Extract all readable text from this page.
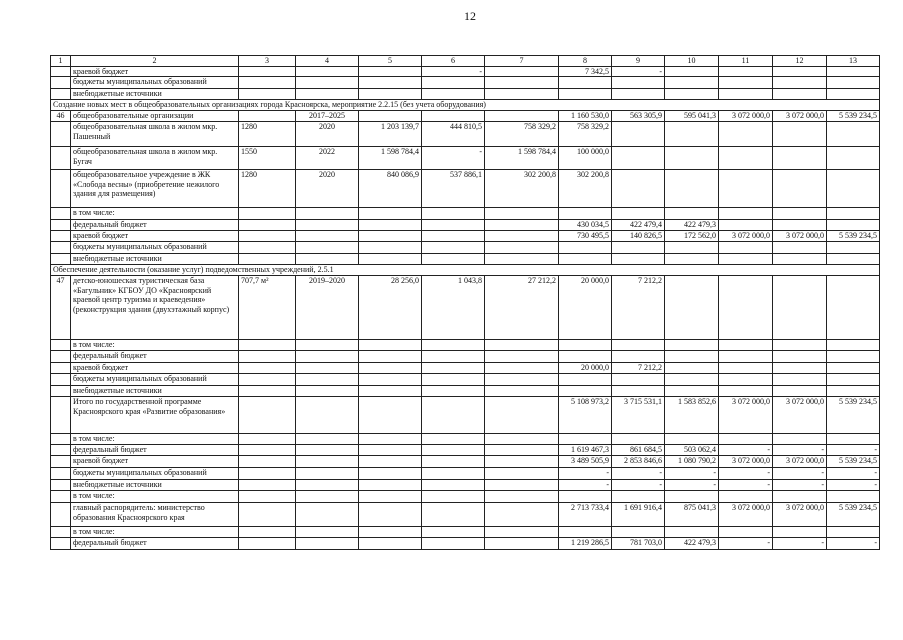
12
1	2	3	4	5	6	7	8	9	10	11	12	13
	краевой бюджет				-		7 342,5	-				
	бюджеты муниципальных образований											
	внебюджетные источники											
Создание новых мест в общеобразовательных организациях города Красноярска, мероприятие 2.2.15 (без учета оборудования)												
46	общеобразовательные организации		2017–2025				1 160 530,0	563 305,9	595 041,3	3 072 000,0	3 072 000,0	5 539 234,5
	общеобразовательная школа в жилом мкр. Пашенный	1280	2020	1 203 139,7	444 810,5	758 329,2	758 329,2					
	общеобразовательная школа в жилом мкр. Бугач	1550	2022	1 598 784,4	-	1 598 784,4	100 000,0					
	общеобразовательное учреждение в ЖК «Слобода весны» (приобретение нежилого здания для размещения)	1280	2020	840 086,9	537 886,1	302 200,8	302 200,8					
	в том числе:											
	федеральный бюджет						430 034,5	422 479,4	422 479,3			
	краевой бюджет						730 495,5	140 826,5	172 562,0	3 072 000,0	3 072 000,0	5 539 234,5
	бюджеты муниципальных образований											
	внебюджетные источники											
Обеспечение деятельности (оказание услуг) подведомственных учреждений, 2.5.1												
47	детско-юношеская туристическая база «Багульник» КГБОУ ДО «Красноярский краевой центр туризма и краеведения» (реконструкция здания (двухэтажный корпус)	707,7 м²	2019–2020	28 256,0	1 043,8	27 212,2	20 000,0	7 212,2				
	в том числе:											
	федеральный бюджет											
	краевой бюджет						20 000,0	7 212,2				
	бюджеты муниципальных образований											
	внебюджетные источники											
	Итого по государственной программе Красноярского края «Развитие образования»						5 108 973,2	3 715 531,1	1 583 852,6	3 072 000,0	3 072 000,0	5 539 234,5
	в том числе:											
	федеральный бюджет						1 619 467,3	861 684,5	503 062,4	-	-	-
	краевой бюджет						3 489 505,9	2 853 846,6	1 080 790,2	3 072 000,0	3 072 000,0	5 539 234,5
	бюджеты муниципальных образований						-	-	-	-	-	-
	внебюджетные источники						-	-	-	-	-	-
	в том числе:											
	главный распорядитель: министерство образования Красноярского края						2 713 733,4	1 691 916,4	875 041,3	3 072 000,0	3 072 000,0	5 539 234,5
	в том числе:											
	федеральный бюджет						1 219 286,5	781 703,0	422 479,3	-	-	-
